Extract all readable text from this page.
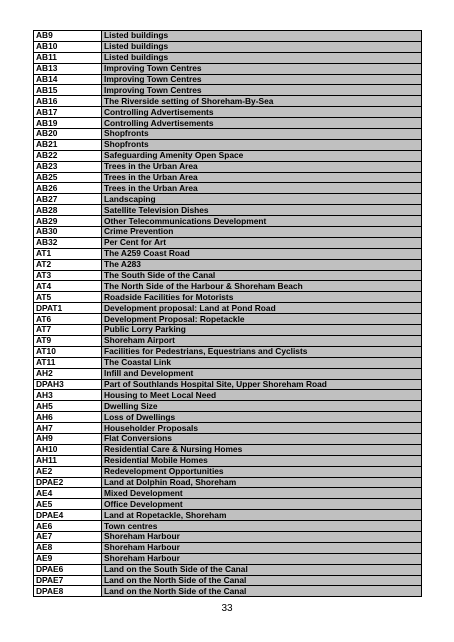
AB9	Listed buildings
AB10	Listed buildings
AB11	Listed buildings
AB13	Improving Town Centres
AB14	Improving Town Centres
AB15	Improving Town Centres
AB16	The Riverside setting of Shoreham-By-Sea
AB17	Controlling Advertisements
AB19	Controlling Advertisements
AB20	Shopfronts
AB21	Shopfronts
AB22	Safeguarding Amenity Open Space
AB23	Trees in the Urban Area
AB25	Trees in the Urban Area
AB26	Trees in the Urban Area
AB27	Landscaping
AB28	Satellite Television Dishes
AB29	Other Telecommunications Development
AB30	Crime Prevention
AB32	Per Cent for Art
AT1	The A259 Coast Road
AT2	The A283
AT3	The South Side of the Canal
AT4	The North Side of the Harbour & Shoreham Beach
AT5	Roadside Facilities for Motorists
DPAT1	Development proposal: Land at Pond Road
AT6	Development Proposal: Ropetackle
AT7	Public Lorry Parking
AT9	Shoreham Airport
AT10	Facilities for Pedestrians, Equestrians and Cyclists
AT11	The Coastal Link
AH2	Infill and Development
DPAH3	Part of Southlands Hospital Site, Upper Shoreham Road
AH3	Housing to Meet Local Need
AH5	Dwelling Size
AH6	Loss of Dwellings
AH7	Householder Proposals
AH9	Flat Conversions
AH10	Residential Care & Nursing Homes
AH11	Residential Mobile Homes
AE2	Redevelopment Opportunities
DPAE2	Land at Dolphin Road, Shoreham
AE4	Mixed Development
AE5	Office Development
DPAE4	Land at Ropetackle, Shoreham
AE6	Town centres
AE7	Shoreham Harbour
AE8	Shoreham Harbour
AE9	Shoreham Harbour
DPAE6	Land on the South Side of the Canal
DPAE7	Land on the North Side of the Canal
DPAE8	Land on the North Side of the Canal
33
